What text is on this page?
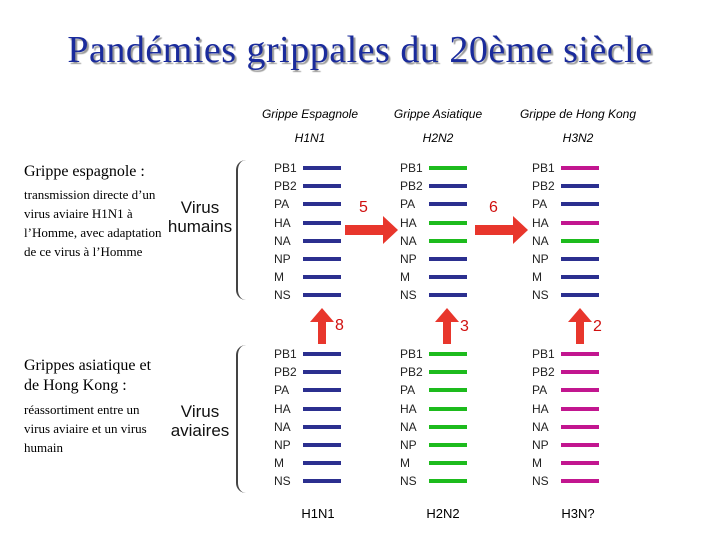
Pandémies grippales du 20ème siècle
Grippe Espagnole
H1N1
Grippe Asiatique
H2N2
Grippe de Hong Kong
H3N2
Grippe espagnole :
transmission directe d’un virus aviaire H1N1 à l’Homme, avec adaptation de ce virus à l’Homme
Grippes asiatique et de Hong Kong :
réassortiment entre un virus aviaire et un virus humain
Virus humains
Virus aviaires
PB1
PB2
PA
HA
NA
NP
M
NS
PB1
PB2
PA
HA
NA
NP
M
NS
PB1
PB2
PA
HA
NA
NP
M
NS
PB1
PB2
PA
HA
NA
NP
M
NS
PB1
PB2
PA
HA
NA
NP
M
NS
PB1
PB2
PA
HA
NA
NP
M
NS
5	6
8	3	2
H1N1	H2N2	H3N?
